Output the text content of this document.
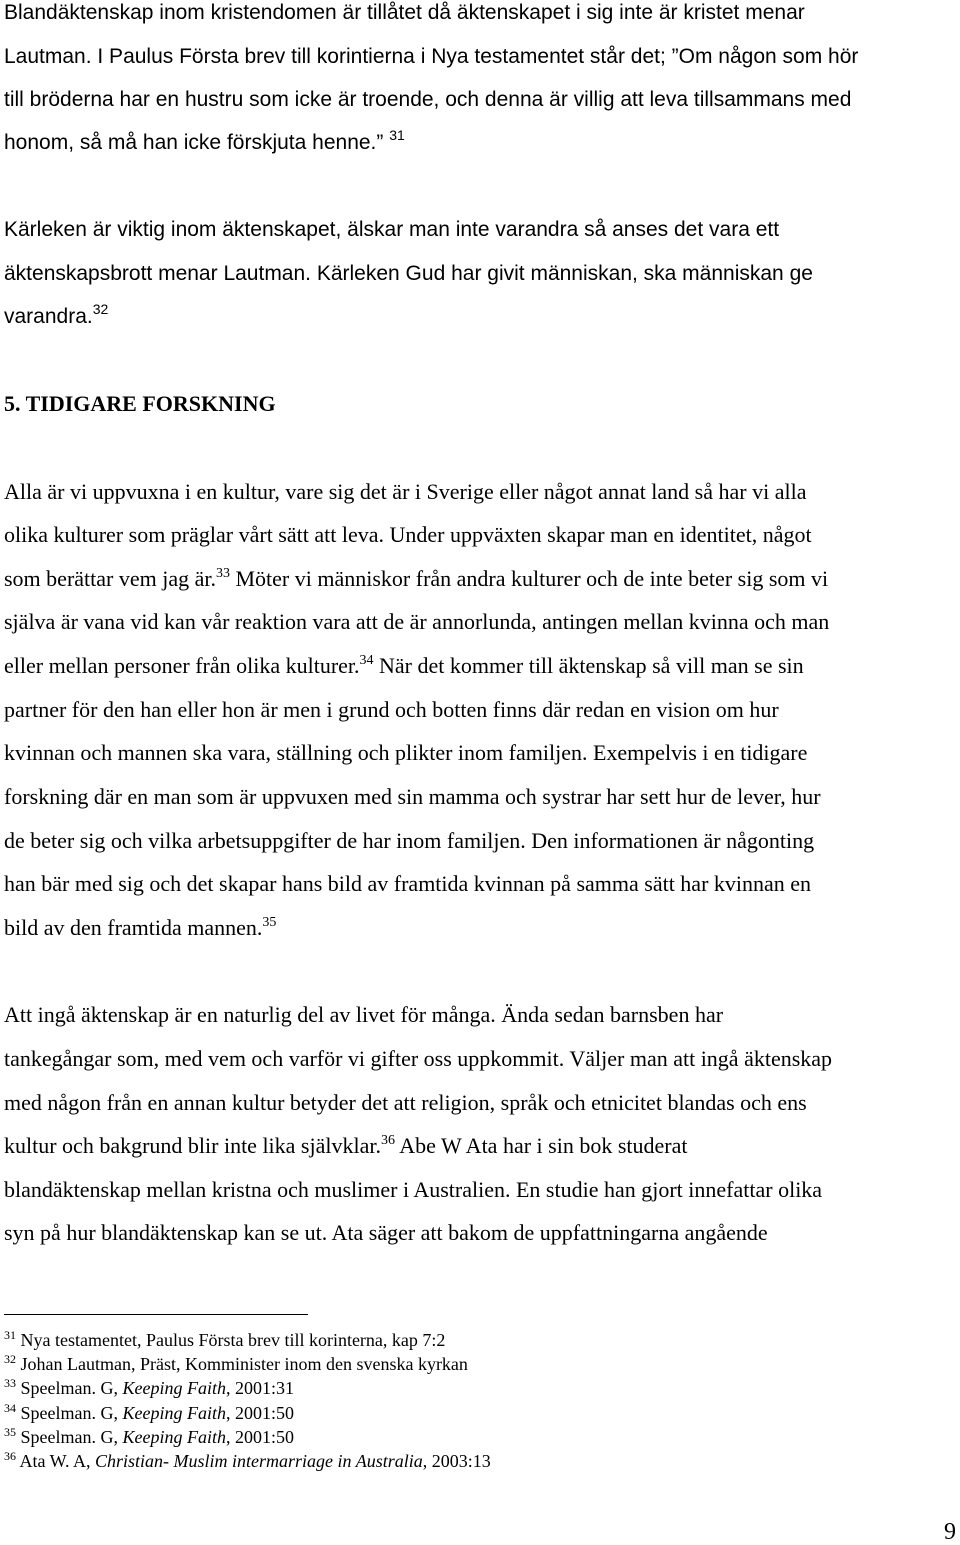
Blandäktenskap inom kristendomen är tillåtet då äktenskapet i sig inte är kristet menar
Lautman. I Paulus Första brev till korintierna i Nya testamentet står det; ”Om någon som hör
till bröderna har en hustru som icke är troende, och denna är villig att leva tillsammans med
honom, så må han icke förskjuta henne.” $^{31}$
Kärleken är viktig inom äktenskapet, älskar man inte varandra så anses det vara ett
äktenskapsbrott menar Lautman. Kärleken Gud har givit människan, ska människan ge
varandra.$^{32}$
5. TIDIGARE FORSKNING
Alla är vi uppvuxna i en kultur, vare sig det är i Sverige eller något annat land så har vi alla
olika kulturer som präglar vårt sätt att leva. Under uppväxten skapar man en identitet, något
som berättar vem jag är.$^{33}$ Möter vi människor från andra kulturer och de inte beter sig som vi
själva är vana vid kan vår reaktion vara att de är annorlunda, antingen mellan kvinna och man
eller mellan personer från olika kulturer.$^{34}$ När det kommer till äktenskap så vill man se sin
partner för den han eller hon är men i grund och botten finns där redan en vision om hur
kvinnan och mannen ska vara, ställning och plikter inom familjen. Exempelvis i en tidigare
forskning där en man som är uppvuxen med sin mamma och systrar har sett hur de lever, hur
de beter sig och vilka arbetsuppgifter de har inom familjen. Den informationen är någonting
han bär med sig och det skapar hans bild av framtida kvinnan på samma sätt har kvinnan en
bild av den framtida mannen.$^{35}$
Att ingå äktenskap är en naturlig del av livet för många. Ända sedan barnsben har
tankegångar som, med vem och varför vi gifter oss uppkommit. Väljer man att ingå äktenskap
med någon från en annan kultur betyder det att religion, språk och etnicitet blandas och ens
kultur och bakgrund blir inte lika självklar.$^{36}$ Abe W Ata har i sin bok studerat
blandäktenskap mellan kristna och muslimer i Australien. En studie han gjort innefattar olika
syn på hur blandäktenskap kan se ut. Ata säger att bakom de uppfattningarna angående
$^{31}$ Nya testamentet, Paulus Första brev till korinterna, kap 7:2
$^{32}$ Johan Lautman, Präst, Komminister inom den svenska kyrkan
$^{33}$ Speelman. G, Keeping Faith, 2001:31
$^{34}$ Speelman. G, Keeping Faith, 2001:50
$^{35}$ Speelman. G, Keeping Faith, 2001:50
$^{36}$ Ata W. A, Christian- Muslim intermarriage in Australia, 2003:13
9
